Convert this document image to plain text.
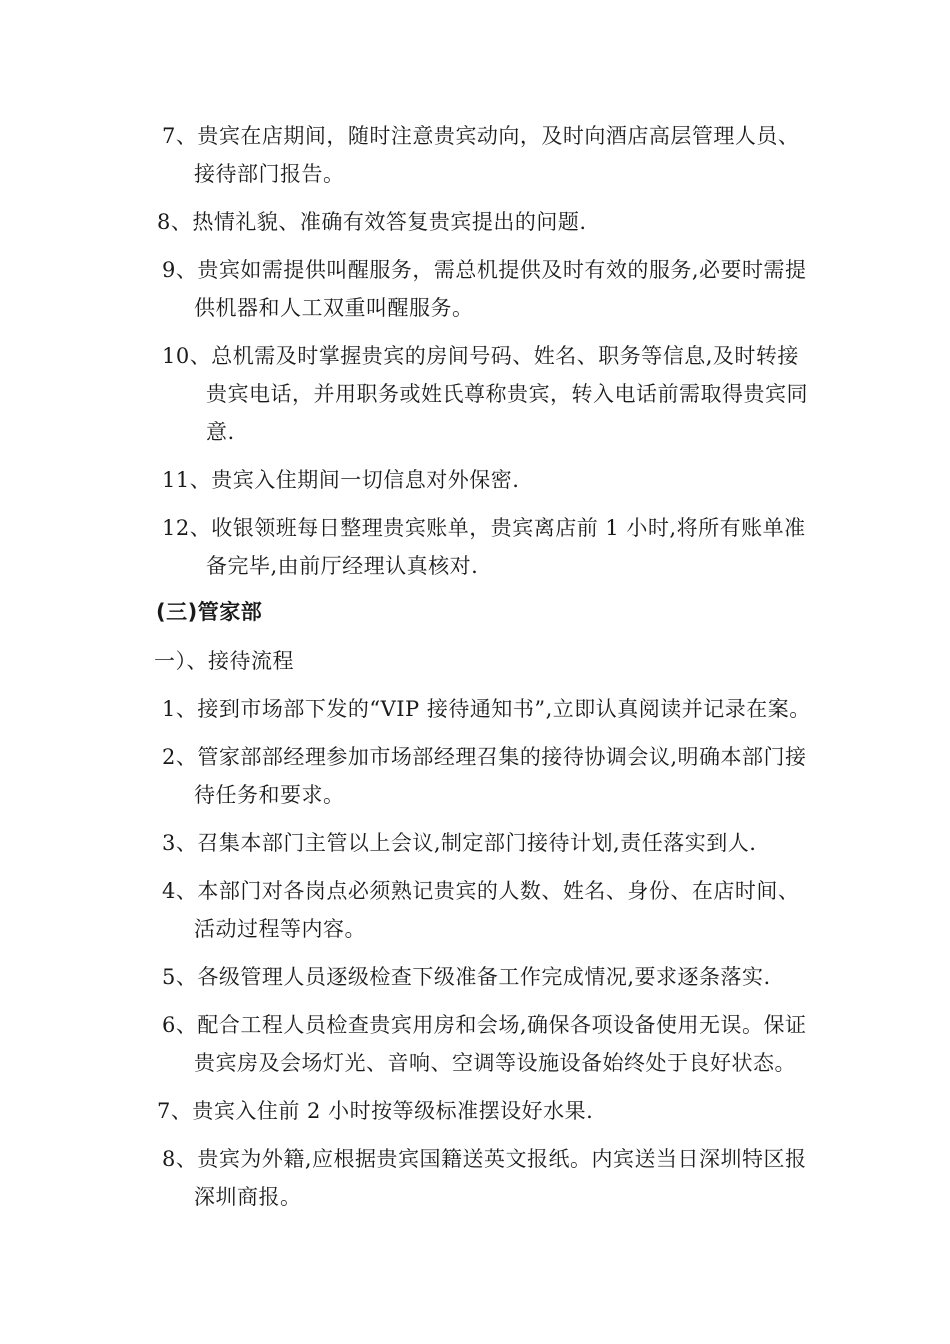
7、贵宾在店期间，随时注意贵宾动向，及时向酒店高层管理人员、
接待部门报告。
8、热情礼貌、准确有效答复贵宾提出的问题.
9、贵宾如需提供叫醒服务，需总机提供及时有效的服务,必要时需提
供机器和人工双重叫醒服务。
10、总机需及时掌握贵宾的房间号码、姓名、职务等信息,及时转接
贵宾电话，并用职务或姓氏尊称贵宾，转入电话前需取得贵宾同
意.
11、贵宾入住期间一切信息对外保密.
12、收银领班每日整理贵宾账单，贵宾离店前 1 小时,将所有账单准
备完毕,由前厅经理认真核对.
(三)管家部
一）、接待流程
1、接到市场部下发的“VIP 接待通知书”,立即认真阅读并记录在案。
2、管家部部经理参加市场部经理召集的接待协调会议,明确本部门接
待任务和要求。
3、召集本部门主管以上会议,制定部门接待计划,责任落实到人.
4、本部门对各岗点必须熟记贵宾的人数、姓名、身份、在店时间、
活动过程等内容。
5、各级管理人员逐级检查下级准备工作完成情况,要求逐条落实.
6、配合工程人员检查贵宾用房和会场,确保各项设备使用无误。保证
贵宾房及会场灯光、音响、空调等设施设备始终处于良好状态。
7、贵宾入住前 2 小时按等级标准摆设好水果.
8、贵宾为外籍,应根据贵宾国籍送英文报纸。内宾送当日深圳特区报
深圳商报。
